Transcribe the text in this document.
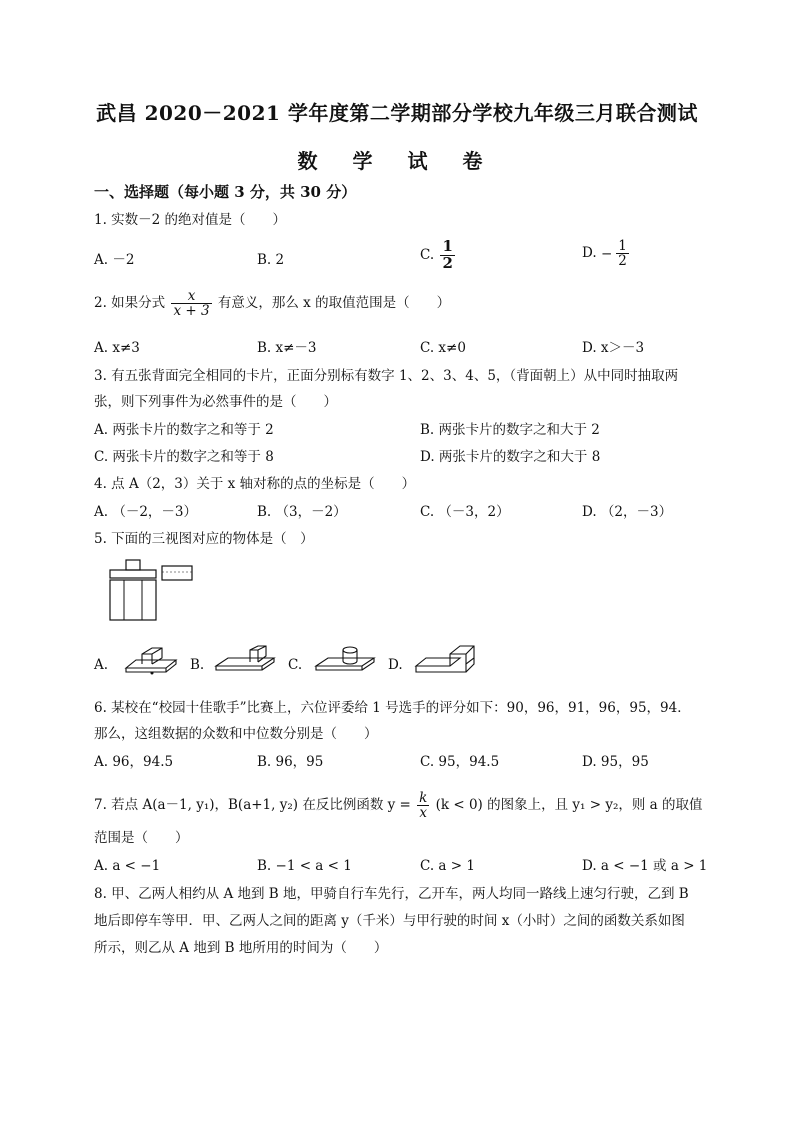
武昌 2020－2021 学年度第二学期部分学校九年级三月联合测试
数 学 试 卷
一、选择题（每小题 3 分，共 30 分）
1. 实数－2 的绝对值是（　　）
A. －2	B. 2	C. $\frac{1}{2}$	D. − $\frac{1}{2}$
2. 如果分式 $\frac{x}{x + 3}$ 有意义，那么 x 的取值范围是（　　）
A. x≠3	B. x≠－3	C. x≠0	D. x＞－3
3. 有五张背面完全相同的卡片，正面分别标有数字 1、2、3、4、5，（背面朝上）从中同时抽取两
张，则下列事件为必然事件的是（　　）
A. 两张卡片的数字之和等于 2	B. 两张卡片的数字之和大于 2
C. 两张卡片的数字之和等于 8	D. 两张卡片的数字之和大于 8
4. 点 A（2，3）关于 x 轴对称的点的坐标是（　　）
A. （－2，－3）	B. （3，－2）	C. （－3，2）	D. （2，－3）
5. 下面的三视图对应的物体是（　）
A.	B.	C.	D.
6. 某校在“校园十佳歌手”比赛上，六位评委给 1 号选手的评分如下：90，96，91，96，95，94．
那么，这组数据的众数和中位数分别是（　　）
A. 96，94.5	B. 96，95	C. 95，94.5	D. 95，95
7. 若点 A(a－1, y₁)，B(a+1, y₂) 在反比例函数 $y = \frac{k}{x} (k < 0)$ 的图象上，且 y₁ > y₂，则 a 的取值
范围是（　　）
A. a < −1	B. −1 < a < 1	C. a > 1	D. a < −1 或 a > 1
8. 甲、乙两人相约从 A 地到 B 地，甲骑自行车先行，乙开车，两人均同一路线上速匀行驶，乙到 B
地后即停车等甲．甲、乙两人之间的距离 y（千米）与甲行驶的时间 x（小时）之间的函数关系如图
所示，则乙从 A 地到 B 地所用的时间为（　　）
